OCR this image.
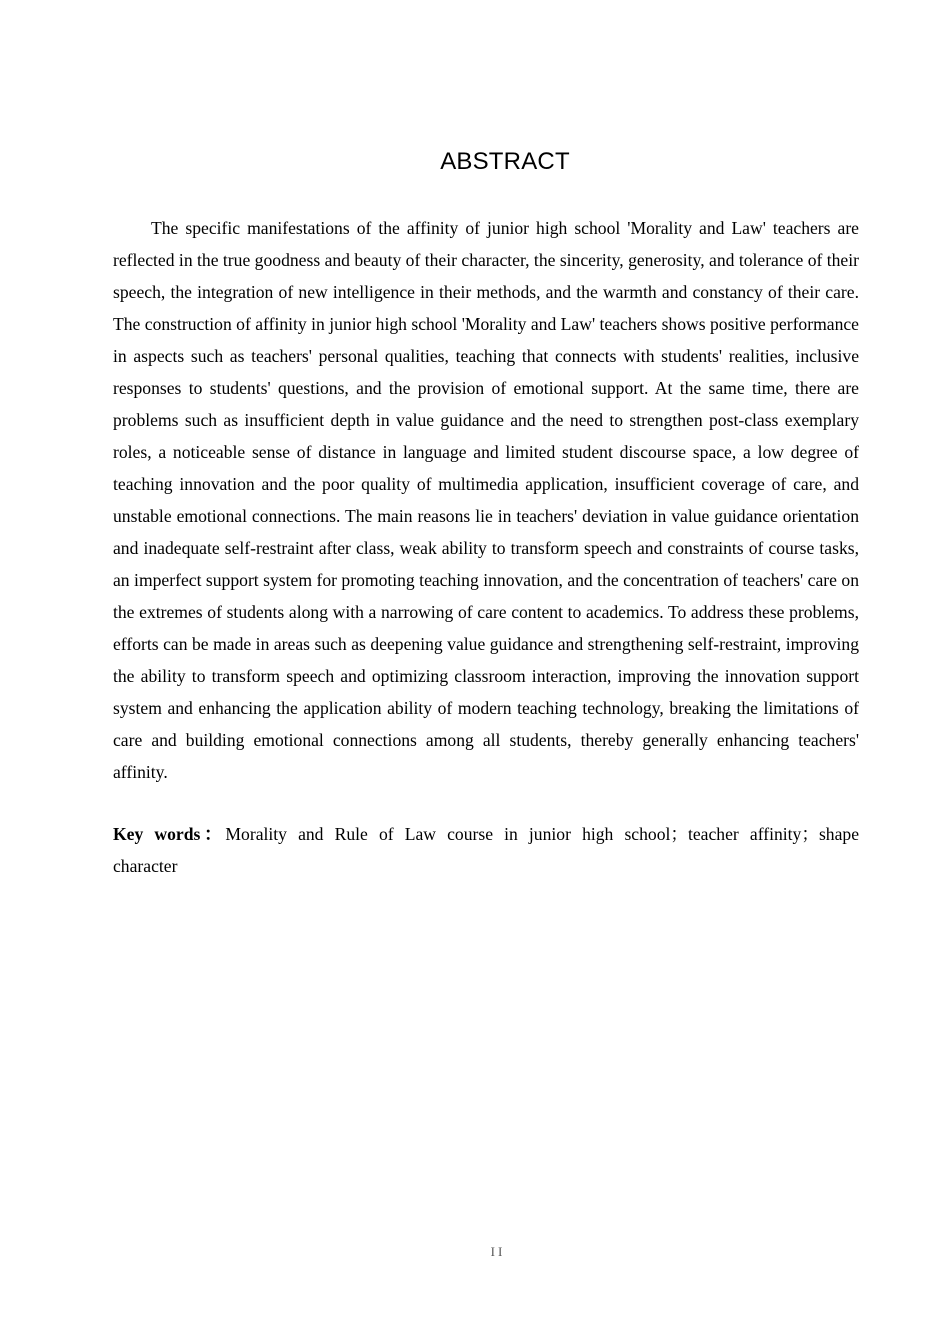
ABSTRACT

The specific manifestations of the affinity of junior high school 'Morality and Law' teachers are reflected in the true goodness and beauty of their character, the sincerity, generosity, and tolerance of their speech, the integration of new intelligence in their methods, and the warmth and constancy of their care. The construction of affinity in junior high school 'Morality and Law' teachers shows positive performance in aspects such as teachers' personal qualities, teaching that connects with students' realities, inclusive responses to students' questions, and the provision of emotional support. At the same time, there are problems such as insufficient depth in value guidance and the need to strengthen post-class exemplary roles, a noticeable sense of distance in language and limited student discourse space, a low degree of teaching innovation and the poor quality of multimedia application, insufficient coverage of care, and unstable emotional connections. The main reasons lie in teachers' deviation in value guidance orientation and inadequate self-restraint after class, weak ability to transform speech and constraints of course tasks, an imperfect support system for promoting teaching innovation, and the concentration of teachers' care on the extremes of students along with a narrowing of care content to academics. To address these problems, efforts can be made in areas such as deepening value guidance and strengthening self-restraint, improving the ability to transform speech and optimizing classroom interaction, improving the innovation support system and enhancing the application ability of modern teaching technology, breaking the limitations of care and building emotional connections among all students, thereby generally enhancing teachers' affinity.

Key words：Morality and Rule of Law course in junior high school；teacher affinity；shape character

II
